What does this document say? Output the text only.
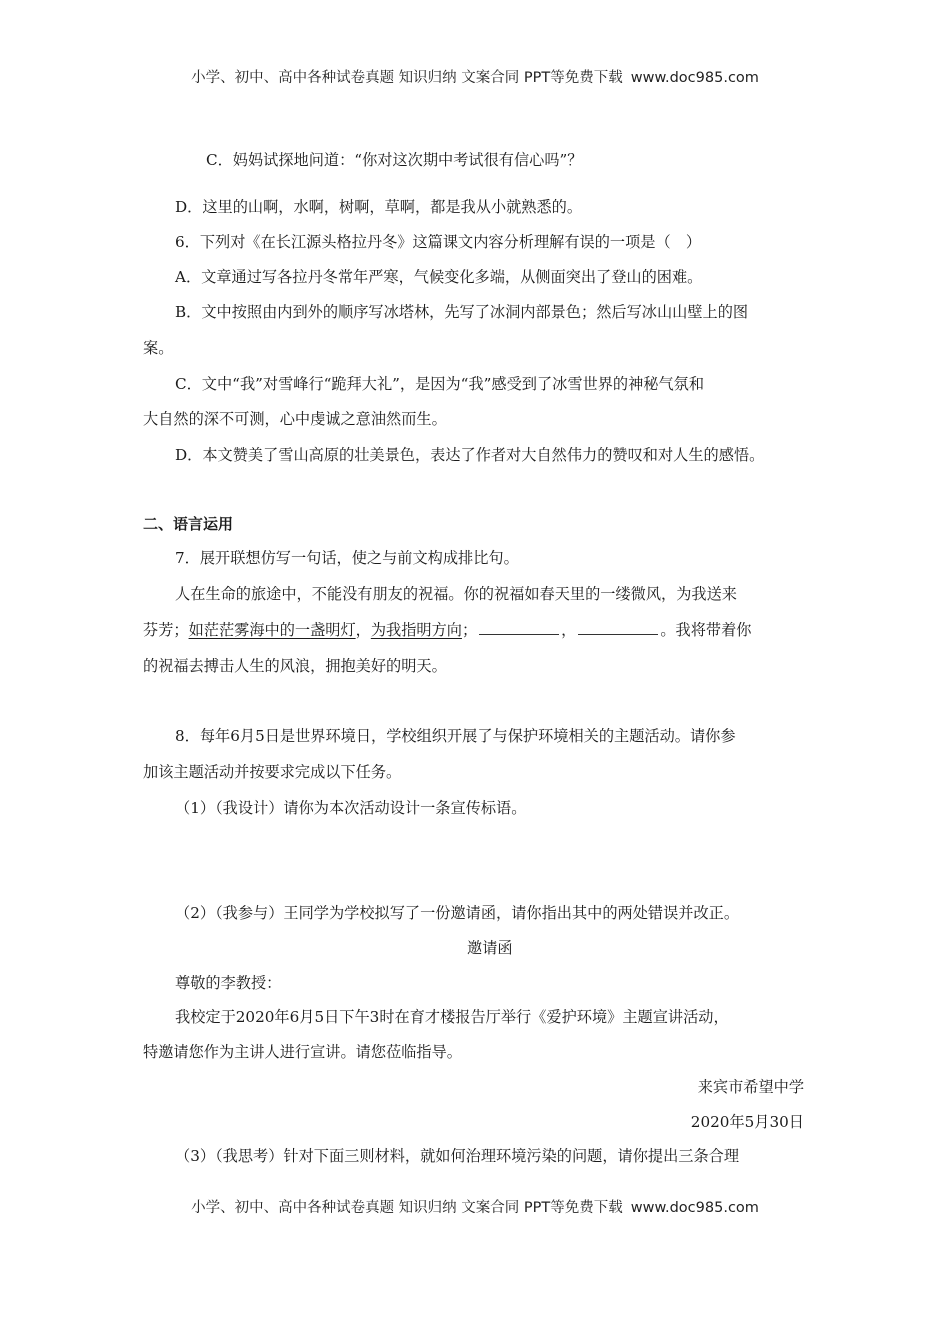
小学、初中、高中各种试卷真题 知识归纳 文案合同 PPT等免费下载 www.doc985.com
C．妈妈试探地问道：“你对这次期中考试很有信心吗”？
D．这里的山啊，水啊，树啊，草啊，都是我从小就熟悉的。
6．下列对《在长江源头格拉丹冬》这篇课文内容分析理解有误的一项是（　）
A．文章通过写各拉丹冬常年严寒，气候变化多端，从侧面突出了登山的困难。
B．文中按照由内到外的顺序写冰塔林，先写了冰洞内部景色；然后写冰山山壁上的图
案。
C．文中“我”对雪峰行“跪拜大礼”，是因为“我”感受到了冰雪世界的神秘气氛和
大自然的深不可测，心中虔诚之意油然而生。
D．本文赞美了雪山高原的壮美景色，表达了作者对大自然伟力的赞叹和对人生的感悟。
二、语言运用
7．展开联想仿写一句话，使之与前文构成排比句。
人在生命的旅途中，不能没有朋友的祝福。你的祝福如春天里的一缕微风，为我送来
芬芳；如茫茫雾海中的一盏明灯，为我指明方向；	，	。我将带着你
的祝福去搏击人生的风浪，拥抱美好的明天。
8．每年6月5日是世界环境日，学校组织开展了与保护环境相关的主题活动。请你参
加该主题活动并按要求完成以下任务。
（1）（我设计）请你为本次活动设计一条宣传标语。
（2）（我参与）王同学为学校拟写了一份邀请函，请你指出其中的两处错误并改正。
邀请函
尊敬的李教授：
我校定于2020年6月5日下午3时在育才楼报告厅举行《爱护环境》主题宣讲活动，
特邀请您作为主讲人进行宣讲。请您莅临指导。
来宾市希望中学
2020年5月30日
（3）（我思考）针对下面三则材料，就如何治理环境污染的问题，请你提出三条合理
小学、初中、高中各种试卷真题 知识归纳 文案合同 PPT等免费下载 www.doc985.com
